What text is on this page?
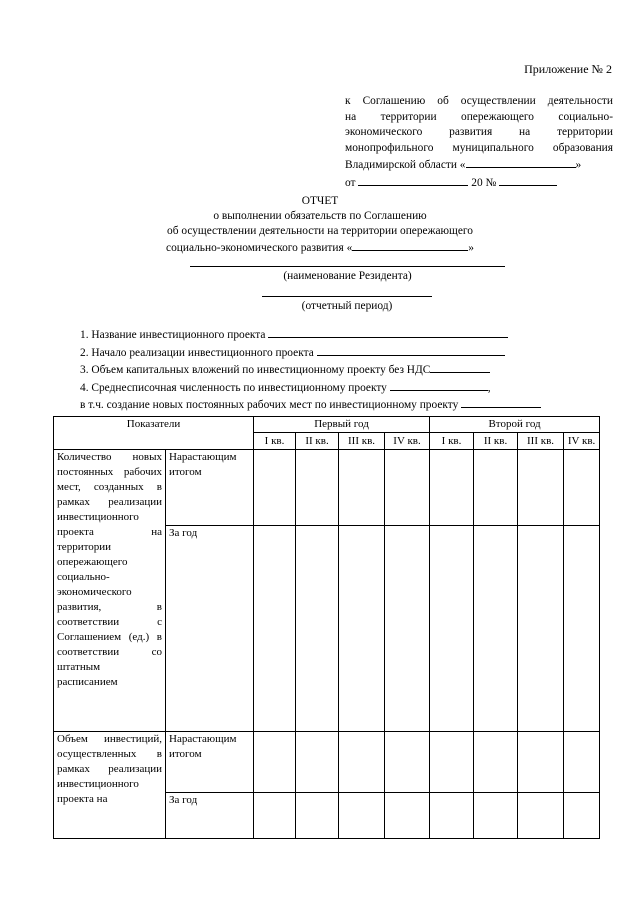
Приложение № 2
к Соглашению об осуществлении деятельности
на территории опережающего социально-
экономического развития на территории
монопрофильного муниципального образования
Владимирской области «	»
от	20 №
ОТЧЕТ
о выполнении обязательств по Соглашению
об осуществлении деятельности на территории опережающего
социально-экономического развития «	»
(наименование Резидента)
(отчетный период)
1. Название инвестиционного проекта
2. Начало реализации инвестиционного проекта
3. Объем капитальных вложений по инвестиционному проекту без НДС
4. Среднесписочная численность по инвестиционному проекту	,
в т.ч. создание новых постоянных рабочих мест по инвестиционному проекту
Показатели		Первый год				Второй год			
		I кв.	II кв.	III кв.	IV кв.	I кв.	II кв.	III кв.	IV кв.
Количество новых постоянных рабочих мест, созданных в рамках реализации инвестиционного проекта на территории опережающего социально-экономического развития, в соответствии с Соглашением (ед.) в соответствии со штатным расписанием	Нарастающим итогом								
	За год								
Объем инвестиций, осуществленных в рамках реализации инвестиционного проекта на	Нарастающим итогом								
	За год								
